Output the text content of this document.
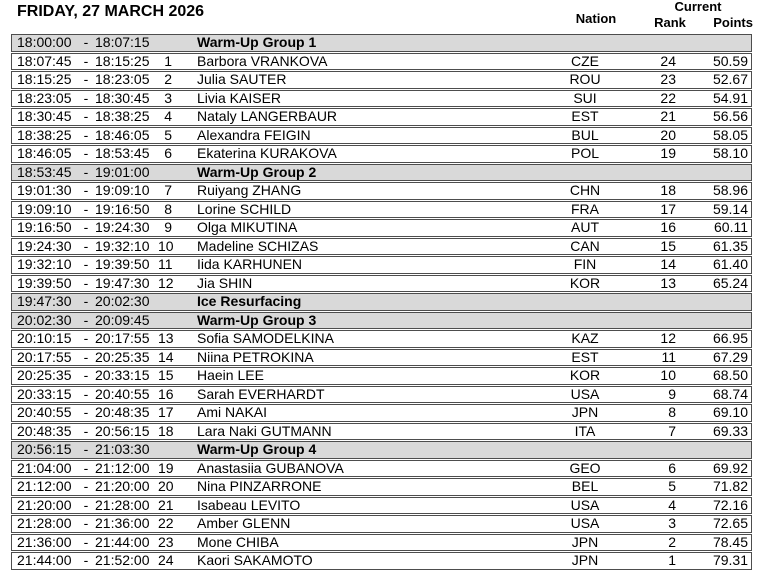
FRIDAY, 27 MARCH 2026	Nation
Current
Rank	Points
18:00:00 - 18:07:15	Warm-Up Group 1
18:07:45 - 18:15:25	1	Barbora VRANKOVA	CZE	24	50.59
18:15:25 - 18:23:05	2	Julia SAUTER	ROU	23	52.67
18:23:05 - 18:30:45	3	Livia KAISER	SUI	22	54.91
18:30:45 - 18:38:25	4	Nataly LANGERBAUR	EST	21	56.56
18:38:25 - 18:46:05	5	Alexandra FEIGIN	BUL	20	58.05
18:46:05 - 18:53:45	6	Ekaterina KURAKOVA	POL	19	58.10
18:53:45 - 19:01:00	Warm-Up Group 2
19:01:30 - 19:09:10	7	Ruiyang ZHANG	CHN	18	58.96
19:09:10 - 19:16:50	8	Lorine SCHILD	FRA	17	59.14
19:16:50 - 19:24:30	9	Olga MIKUTINA	AUT	16	60.11
19:24:30 - 19:32:10 10	Madeline SCHIZAS	CAN	15	61.35
19:32:10 - 19:39:50 11	Iida KARHUNEN	FIN	14	61.40
19:39:50 - 19:47:30 12	Jia SHIN	KOR	13	65.24
19:47:30 - 20:02:30	Ice Resurfacing
20:02:30 - 20:09:45	Warm-Up Group 3
20:10:15 - 20:17:55 13	Sofia SAMODELKINA	KAZ	12	66.95
20:17:55 - 20:25:35 14	Niina PETROKINA	EST	11	67.29
20:25:35 - 20:33:15 15	Haein LEE	KOR	10	68.50
20:33:15 - 20:40:55 16	Sarah EVERHARDT	USA	9	68.74
20:40:55 - 20:48:35 17	Ami NAKAI	JPN	8	69.10
20:48:35 - 20:56:15 18	Lara Naki GUTMANN	ITA	7	69.33
20:56:15 - 21:03:30	Warm-Up Group 4
21:04:00 - 21:12:00 19	Anastasiia GUBANOVA	GEO	6	69.92
21:12:00 - 21:20:00 20	Nina PINZARRONE	BEL	5	71.82
21:20:00 - 21:28:00 21	Isabeau LEVITO	USA	4	72.16
21:28:00 - 21:36:00 22	Amber GLENN	USA	3	72.65
21:36:00 - 21:44:00 23	Mone CHIBA	JPN	2	78.45
21:44:00 - 21:52:00 24	Kaori SAKAMOTO	JPN	1	79.31
